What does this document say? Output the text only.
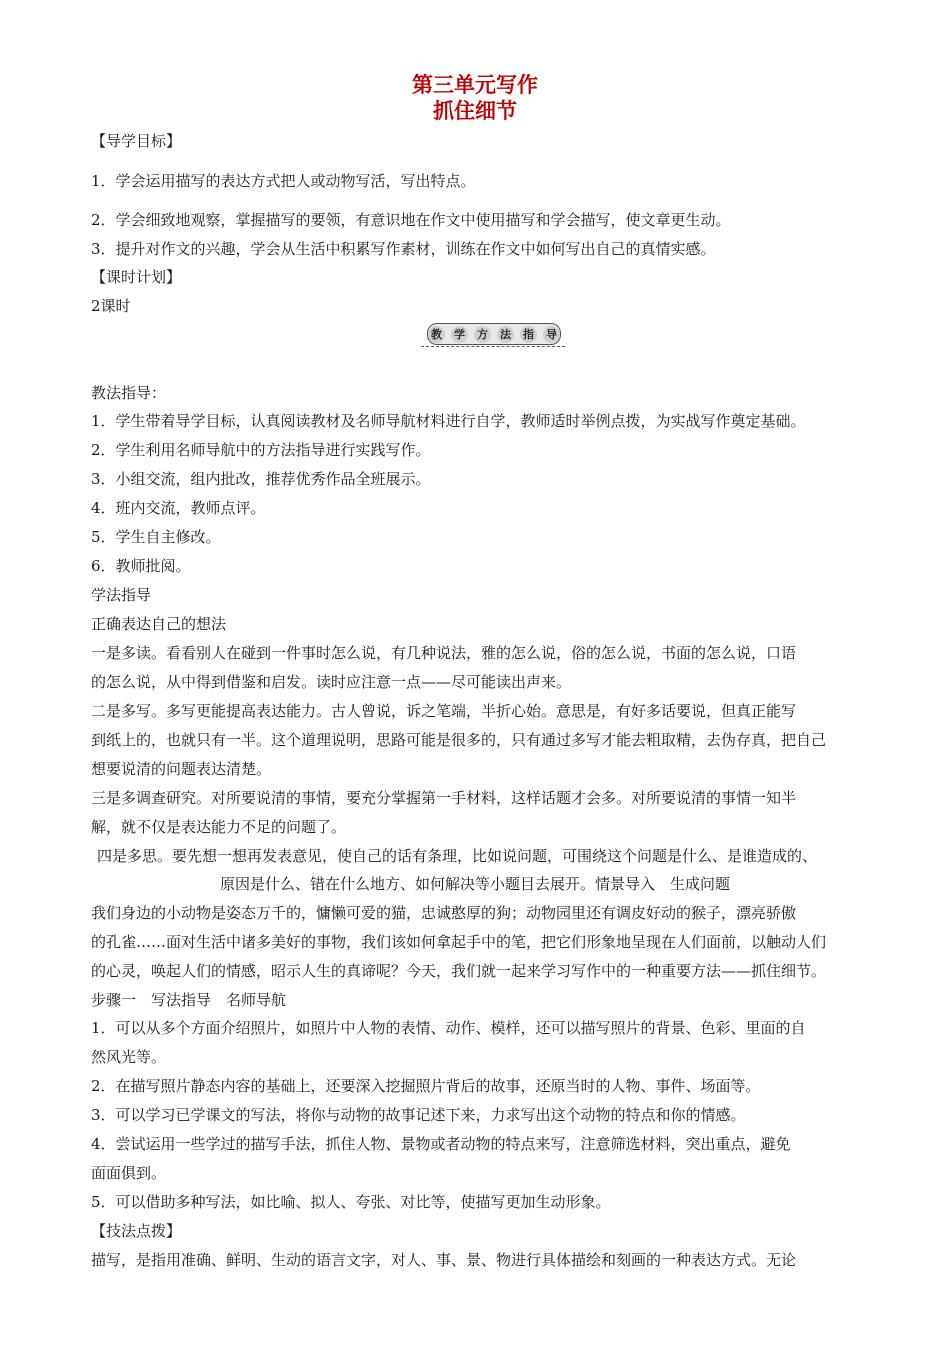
第三单元写作
抓住细节
【导学目标】
1．学会运用描写的表达方式把人或动物写活，写出特点。
2．学会细致地观察，掌握描写的要领，有意识地在作文中使用描写和学会描写，使文章更生动。
3．提升对作文的兴趣，学会从生活中积累写作素材，训练在作文中如何写出自己的真情实感。
【课时计划】
2课时
教 学 方 法 指 导
教法指导：
1．学生带着导学目标，认真阅读教材及名师导航材料进行自学，教师适时举例点拨，为实战写作奠定基础。
2．学生利用名师导航中的方法指导进行实践写作。
3．小组交流，组内批改，推荐优秀作品全班展示。
4．班内交流，教师点评。
5．学生自主修改。
6．教师批阅。
学法指导
正确表达自己的想法
一是多读。看看别人在碰到一件事时怎么说，有几种说法，雅的怎么说，俗的怎么说，书面的怎么说，口语
的怎么说，从中得到借鉴和启发。读时应注意一点——尽可能读出声来。
二是多写。多写更能提高表达能力。古人曾说，诉之笔端，半折心始。意思是，有好多话要说，但真正能写
到纸上的，也就只有一半。这个道理说明，思路可能是很多的，只有通过多写才能去粗取精，去伪存真，把自己
想要说清的问题表达清楚。
三是多调查研究。对所要说清的事情，要充分掌握第一手材料，这样话题才会多。对所要说清的事情一知半
解，就不仅是表达能力不足的问题了。
四是多思。要先想一想再发表意见，使自己的话有条理，比如说问题，可围绕这个问题是什么、是谁造成的、
原因是什么、错在什么地方、如何解决等小题目去展开。情景导入　生成问题
我们身边的小动物是姿态万千的，慵懒可爱的猫，忠诚憨厚的狗；动物园里还有调皮好动的猴子，漂亮骄傲
的孔雀……面对生活中诸多美好的事物，我们该如何拿起手中的笔，把它们形象地呈现在人们面前，以触动人们
的心灵，唤起人们的情感，昭示人生的真谛呢？今天，我们就一起来学习写作中的一种重要方法——抓住细节。
步骤一　写法指导　名师导航
1．可以从多个方面介绍照片，如照片中人物的表情、动作、模样，还可以描写照片的背景、色彩、里面的自
然风光等。
2．在描写照片静态内容的基础上，还要深入挖掘照片背后的故事，还原当时的人物、事件、场面等。
3．可以学习已学课文的写法，将你与动物的故事记述下来，力求写出这个动物的特点和你的情感。
4．尝试运用一些学过的描写手法，抓住人物、景物或者动物的特点来写，注意筛选材料，突出重点，避免
面面俱到。
5．可以借助多种写法，如比喻、拟人、夸张、对比等，使描写更加生动形象。
【技法点拨】
描写，是指用准确、鲜明、生动的语言文字，对人、事、景、物进行具体描绘和刻画的一种表达方式。无论
